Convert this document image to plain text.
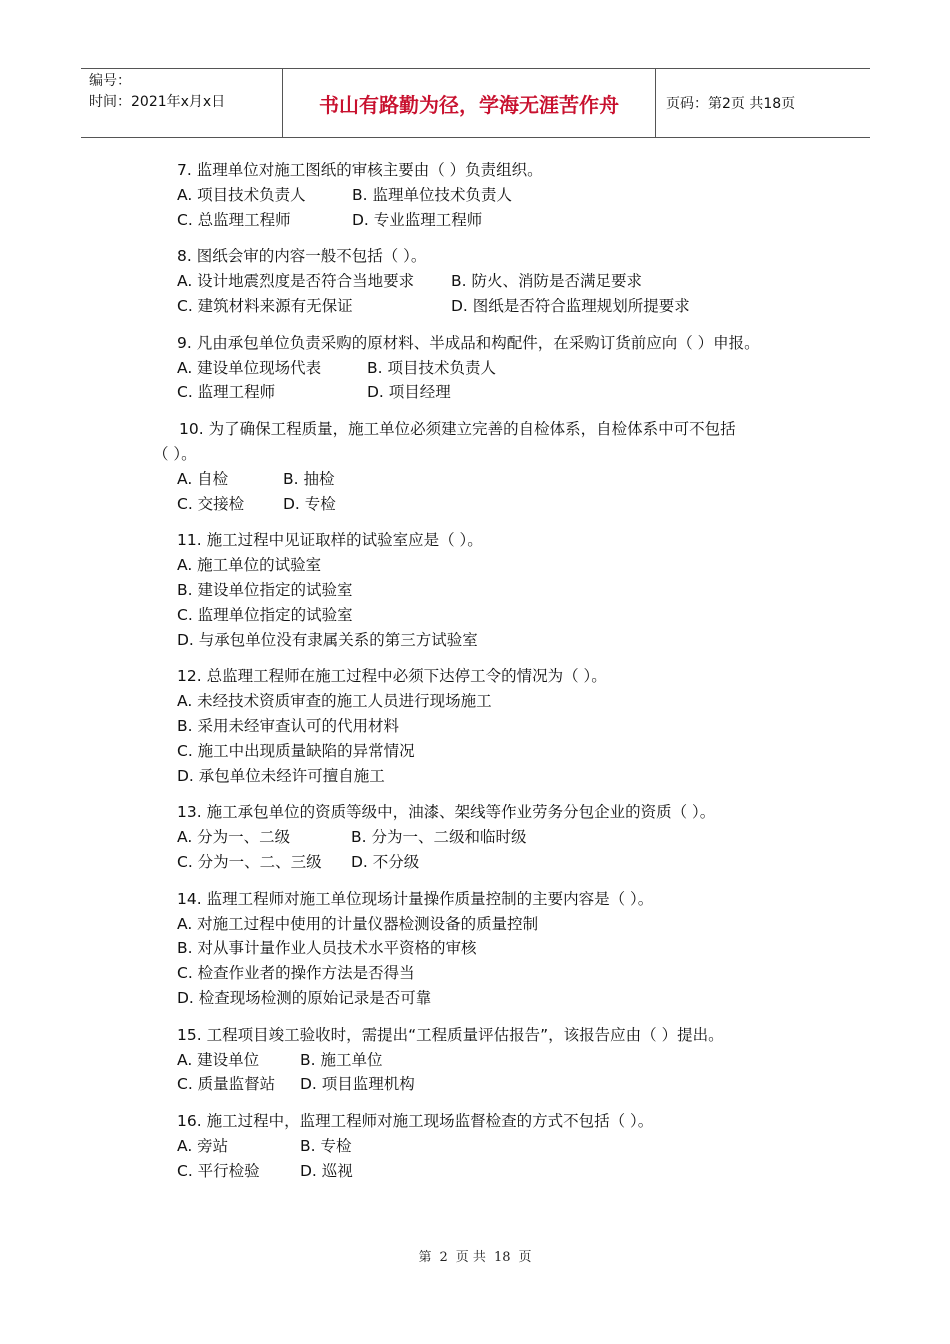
编号：
时间：2021年x月x日	书山有路勤为径，学海无涯苦作舟	页码：第2页 共18页
7. 监理单位对施工图纸的审核主要由（ ）负责组织。
A. 项目技术负责人	B. 监理单位技术负责人
C. 总监理工程师	D. 专业监理工程师
8. 图纸会审的内容一般不包括（ ）。
A. 设计地震烈度是否符合当地要求	B. 防火、消防是否满足要求
C. 建筑材料来源有无保证	D. 图纸是否符合监理规划所提要求
9. 凡由承包单位负责采购的原材料、半成品和构配件，在采购订货前应向（ ）申报。
A. 建设单位现场代表	B. 项目技术负责人
C. 监理工程师	D. 项目经理
10. 为了确保工程质量，施工单位必须建立完善的自检体系，自检体系中可不包括
（ ）。
A. 自检	B. 抽检
C. 交接检	D. 专检
11. 施工过程中见证取样的试验室应是（ ）。
A. 施工单位的试验室
B. 建设单位指定的试验室
C. 监理单位指定的试验室
D. 与承包单位没有隶属关系的第三方试验室
12. 总监理工程师在施工过程中必须下达停工令的情况为（ ）。
A. 未经技术资质审查的施工人员进行现场施工
B. 采用未经审查认可的代用材料
C. 施工中出现质量缺陷的异常情况
D. 承包单位未经许可擅自施工
13. 施工承包单位的资质等级中，油漆、架线等作业劳务分包企业的资质（ ）。
A. 分为一、二级	B. 分为一、二级和临时级
C. 分为一、二、三级	D. 不分级
14. 监理工程师对施工单位现场计量操作质量控制的主要内容是（ ）。
A. 对施工过程中使用的计量仪器检测设备的质量控制
B. 对从事计量作业人员技术水平资格的审核
C. 检查作业者的操作方法是否得当
D. 检查现场检测的原始记录是否可靠
15. 工程项目竣工验收时，需提出“工程质量评估报告”，该报告应由（ ）提出。
A. 建设单位	B. 施工单位
C. 质量监督站	D. 项目监理机构
16. 施工过程中，监理工程师对施工现场监督检查的方式不包括（ ）。
A. 旁站	B. 专检
C. 平行检验	D. 巡视
第 2 页 共 18 页
